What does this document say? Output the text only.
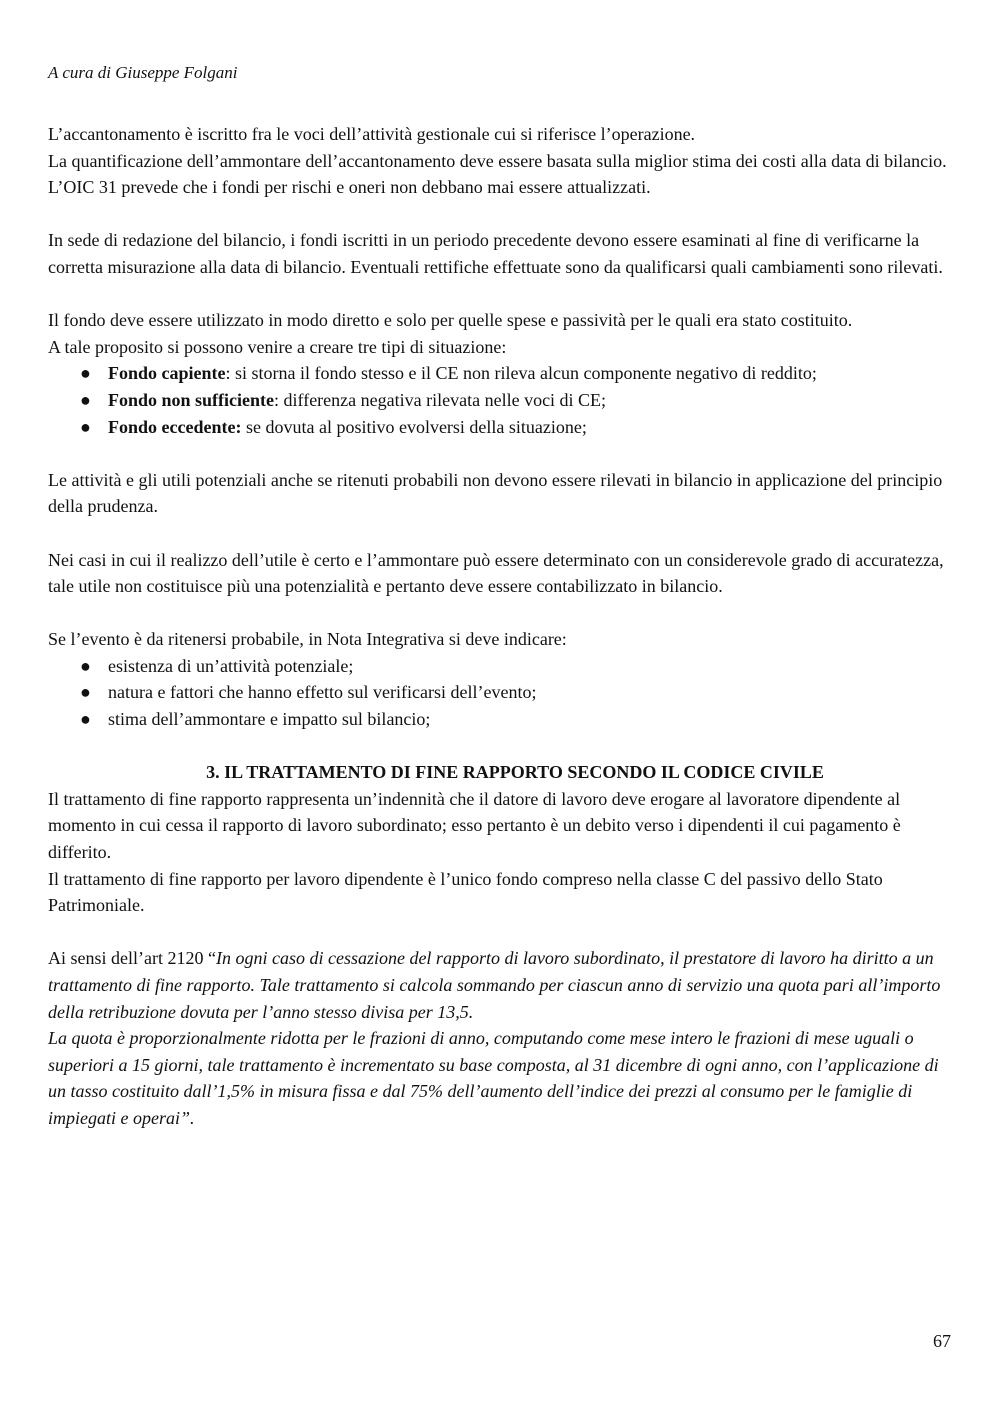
A cura di Giuseppe Folgani

L’accantonamento è iscritto fra le voci dell’attività gestionale cui si riferisce l’operazione.

La quantificazione dell’ammontare dell’accantonamento deve essere basata sulla miglior stima dei costi alla data di bilancio. L’OIC 31 prevede che i fondi per rischi e oneri non debbano mai essere attualizzati.

In sede di redazione del bilancio, i fondi iscritti in un periodo precedente devono essere esaminati al fine di verificarne la corretta misurazione alla data di bilancio. Eventuali rettifiche effettuate sono da qualificarsi quali cambiamenti sono rilevati.

Il fondo deve essere utilizzato in modo diretto e solo per quelle spese e passività per le quali era stato costituito.

A tale proposito si possono venire a creare tre tipi di situazione:

● Fondo capiente: si storna il fondo stesso e il CE non rileva alcun componente negativo di reddito;
● Fondo non sufficiente: differenza negativa rilevata nelle voci di CE;
● Fondo eccedente: se dovuta al positivo evolversi della situazione;

Le attività e gli utili potenziali anche se ritenuti probabili non devono essere rilevati in bilancio in applicazione del principio della prudenza.

Nei casi in cui il realizzo dell’utile è certo e l’ammontare può essere determinato con un considerevole grado di accuratezza, tale utile non costituisce più una potenzialità e pertanto deve essere contabilizzato in bilancio.

Se l’evento è da ritenersi probabile, in Nota Integrativa si deve indicare:

● esistenza di un’attività potenziale;
● natura e fattori che hanno effetto sul verificarsi dell’evento;
● stima dell’ammontare e impatto sul bilancio;

3. IL TRATTAMENTO DI FINE RAPPORTO SECONDO IL CODICE CIVILE

Il trattamento di fine rapporto rappresenta un’indennità che il datore di lavoro deve erogare al lavoratore dipendente al momento in cui cessa il rapporto di lavoro subordinato; esso pertanto è un debito verso i dipendenti il cui pagamento è differito.

Il trattamento di fine rapporto per lavoro dipendente è l’unico fondo compreso nella classe C del passivo dello Stato Patrimoniale.

Ai sensi dell’art 2120 “In ogni caso di cessazione del rapporto di lavoro subordinato, il prestatore di lavoro ha diritto a un trattamento di fine rapporto. Tale trattamento si calcola sommando per ciascun anno di servizio una quota pari all’importo della retribuzione dovuta per l’anno stesso divisa per 13,5.

La quota è proporzionalmente ridotta per le frazioni di anno, computando come mese intero le frazioni di mese uguali o superiori a 15 giorni, tale trattamento è incrementato su base composta, al 31 dicembre di ogni anno, con l’applicazione di un tasso costituito dall’1,5% in misura fissa e dal 75% dell’aumento dell’indice dei prezzi al consumo per le famiglie di impiegati e operai”.

67
